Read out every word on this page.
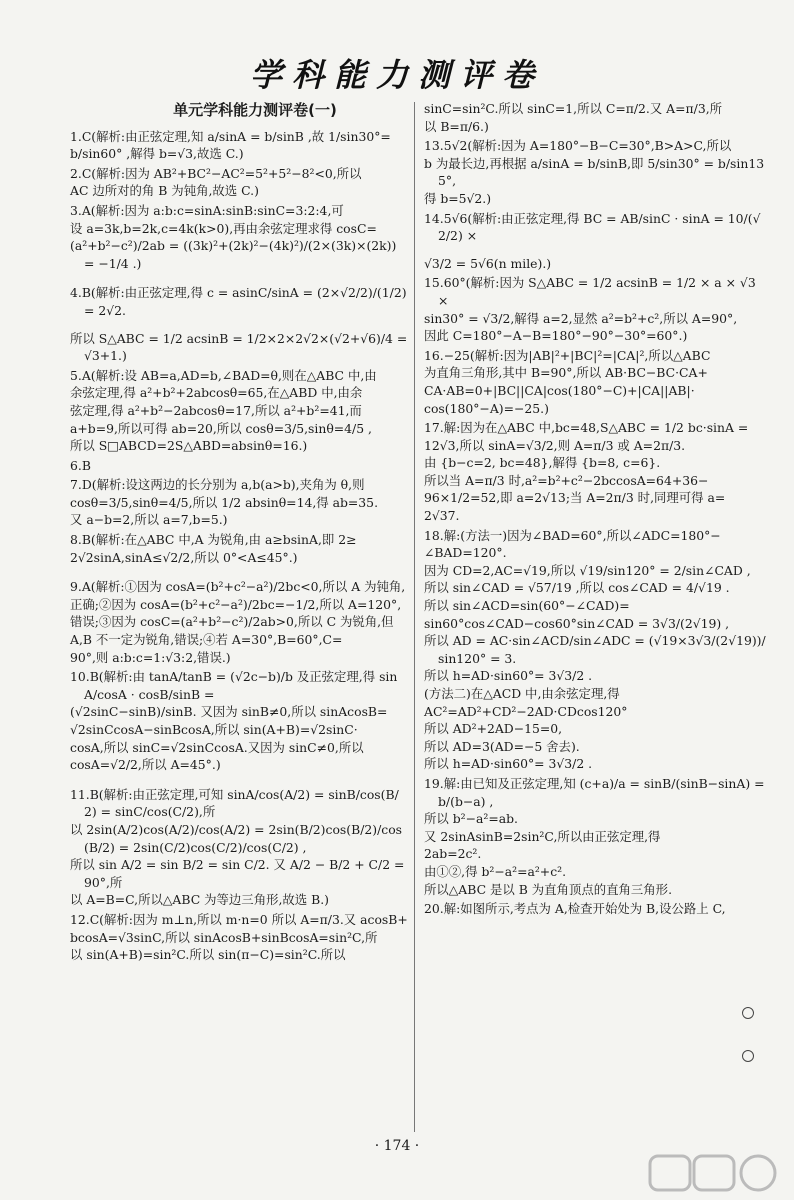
学科能力测评卷
单元学科能力测评卷(一)
1.C(解析:由正弦定理,知 a/sinA = b/sinB ,故 1/sin30°=
b/sin60° ,解得 b=√3,故选 C.)
2.C(解析:因为 AB²+BC²−AC²=5²+5²−8²<0,所以
AC 边所对的角 B 为钝角,故选 C.)
3.A(解析:因为 a:b:c=sinA:sinB:sinC=3:2:4,可
设 a=3k,b=2k,c=4k(k>0),再由余弦定理求得 cosC=
(a²+b²−c²)/2ab = ((3k)²+(2k)²−(4k)²)/(2×(3k)×(2k)) = −1/4 .)
4.B(解析:由正弦定理,得 c = asinC/sinA = (2×√2/2)/(1/2) = 2√2.
所以 S△ABC = 1/2 acsinB = 1/2×2×2√2×(√2+√6)/4 = √3+1.)
5.A(解析:设 AB=a,AD=b,∠BAD=θ,则在△ABC 中,由
余弦定理,得 a²+b²+2abcosθ=65,在△ABD 中,由余
弦定理,得 a²+b²−2abcosθ=17,所以 a²+b²=41,而
a+b=9,所以可得 ab=20,所以 cosθ=3/5,sinθ=4/5 ,
所以 S□ABCD=2S△ABD=absinθ=16.)
6.B
7.D(解析:设这两边的长分别为 a,b(a>b),夹角为 θ,则
cosθ=3/5,sinθ=4/5,所以 1/2 absinθ=14,得 ab=35.
又 a−b=2,所以 a=7,b=5.)
8.B(解析:在△ABC 中,A 为锐角,由 a≥bsinA,即 2≥
2√2sinA,sinA≤√2/2,所以 0°<A≤45°.)
9.A(解析:①因为 cosA=(b²+c²−a²)/2bc<0,所以 A 为钝角,
正确;②因为 cosA=(b²+c²−a²)/2bc=−1/2,所以 A=120°,
错误;③因为 cosC=(a²+b²−c²)/2ab>0,所以 C 为锐角,但
A,B 不一定为锐角,错误;④若 A=30°,B=60°,C=
90°,则 a:b:c=1:√3:2,错误.)
10.B(解析:由 tanA/tanB = (√2c−b)/b 及正弦定理,得 sinA/cosA · cosB/sinB =
(√2sinC−sinB)/sinB. 又因为 sinB≠0,所以 sinAcosB=
√2sinCcosA−sinBcosA,所以 sin(A+B)=√2sinC·
cosA,所以 sinC=√2sinCcosA.又因为 sinC≠0,所以
cosA=√2/2,所以 A=45°.)
11.B(解析:由正弦定理,可知 sinA/cos(A/2) = sinB/cos(B/2) = sinC/cos(C/2),所
以 2sin(A/2)cos(A/2)/cos(A/2) = 2sin(B/2)cos(B/2)/cos(B/2) = 2sin(C/2)cos(C/2)/cos(C/2) ,
所以 sin A/2 = sin B/2 = sin C/2. 又 A/2 − B/2 + C/2 = 90°,所
以 A=B=C,所以△ABC 为等边三角形,故选 B.)
12.C(解析:因为 m⊥n,所以 m·n=0 所以 A=π/3.又 acosB+
bcosA=√3sinC,所以 sinAcosB+sinBcosA=sin²C,所
以 sin(A+B)=sin²C.所以 sin(π−C)=sin²C.所以
sinC=sin²C.所以 sinC=1,所以 C=π/2.又 A=π/3,所
以 B=π/6.)
13.5√2(解析:因为 A=180°−B−C=30°,B>A>C,所以
b 为最长边,再根据 a/sinA = b/sinB,即 5/sin30° = b/sin135°,
得 b=5√2.)
14.5√6(解析:由正弦定理,得 BC = AB/sinC · sinA = 10/(√2/2) ×
√3/2 = 5√6(n mile).)
15.60°(解析:因为 S△ABC = 1/2 acsinB = 1/2 × a × √3 ×
sin30° = √3/2,解得 a=2,显然 a²=b²+c²,所以 A=90°,
因此 C=180°−A−B=180°−90°−30°=60°.)
16.−25(解析:因为|AB|²+|BC|²=|CA|²,所以△ABC
为直角三角形,其中 B=90°,所以 AB·BC−BC·CA+
CA·AB=0+|BC||CA|cos(180°−C)+|CA||AB|·
cos(180°−A)=−25.)
17.解:因为在△ABC 中,bc=48,S△ABC = 1/2 bc·sinA =
12√3,所以 sinA=√3/2,则 A=π/3 或 A=2π/3.
由 {b−c=2, bc=48},解得 {b=8, c=6}.
所以当 A=π/3 时,a²=b²+c²−2bccosA=64+36−
96×1/2=52,即 a=2√13;当 A=2π/3 时,同理可得 a=
2√37.
18.解:(方法一)因为∠BAD=60°,所以∠ADC=180°−
∠BAD=120°.
因为 CD=2,AC=√19,所以 √19/sin120° = 2/sin∠CAD ,
所以 sin∠CAD = √57/19 ,所以 cos∠CAD = 4/√19 .
所以 sin∠ACD=sin(60°−∠CAD)=
sin60°cos∠CAD−cos60°sin∠CAD = 3√3/(2√19) ,
所以 AD = AC·sin∠ACD/sin∠ADC = (√19×3√3/(2√19))/sin120° = 3.
所以 h=AD·sin60°= 3√3/2 .
(方法二)在△ACD 中,由余弦定理,得
AC²=AD²+CD²−2AD·CDcos120°
所以 AD²+2AD−15=0,
所以 AD=3(AD=−5 舍去).
所以 h=AD·sin60°= 3√3/2 .
19.解:由已知及正弦定理,知 (c+a)/a = sinB/(sinB−sinA) = b/(b−a) ,
所以 b²−a²=ab.
又 2sinAsinB=2sin²C,所以由正弦定理,得
2ab=2c².
由①②,得 b²−a²=a²+c².
所以△ABC 是以 B 为直角顶点的直角三角形.
20.解:如图所示,考点为 A,检查开始处为 B,设公路上 C,
· 174 ·
